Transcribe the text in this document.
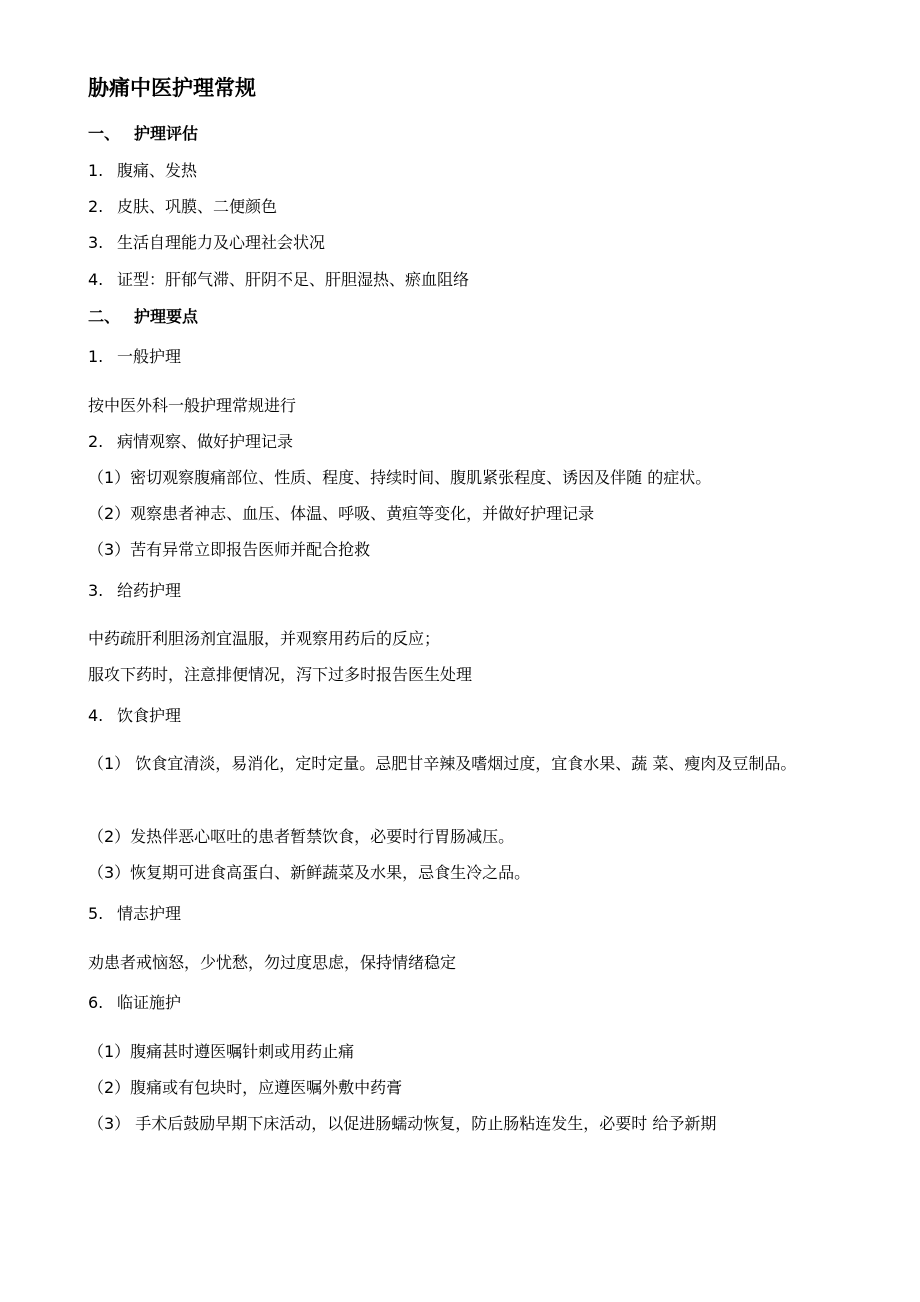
胁痛中医护理常规
一、 护理评估
1. 腹痛、发热
2. 皮肤、巩膜、二便颜色
3. 生活自理能力及心理社会状况
4. 证型：肝郁气滞、肝阴不足、肝胆湿热、瘀血阻络
二、 护理要点
1. 一般护理
按中医外科一般护理常规进行
2. 病情观察、做好护理记录
（1）密切观察腹痛部位、性质、程度、持续时间、腹肌紧张程度、诱因及伴随 的症状。
（2）观察患者神志、血压、体温、呼吸、黄疸等变化，并做好护理记录
（3）苦有异常立即报告医师并配合抢救
3. 给药护理
中药疏肝利胆汤剂宜温服，并观察用药后的反应；
服攻下药时，注意排便情况，泻下过多时报告医生处理
4. 饮食护理
（1） 饮食宜清淡，易消化，定时定量。忌肥甘辛辣及嗜烟过度，宜食水果、蔬 菜、瘦肉及豆制品。
（2）发热伴恶心呕吐的患者暂禁饮食，必要时行胃肠减压。
（3）恢复期可进食高蛋白、新鲜蔬菜及水果，忌食生冷之品。
5. 情志护理
劝患者戒恼怒，少忧愁，勿过度思虑，保持情绪稳定
6. 临证施护
（1）腹痛甚时遵医嘱针刺或用药止痛
（2）腹痛或有包块时，应遵医嘱外敷中药膏
（3） 手术后鼓励早期下床活动，以促进肠蠕动恢复，防止肠粘连发生，必要时 给予新期
